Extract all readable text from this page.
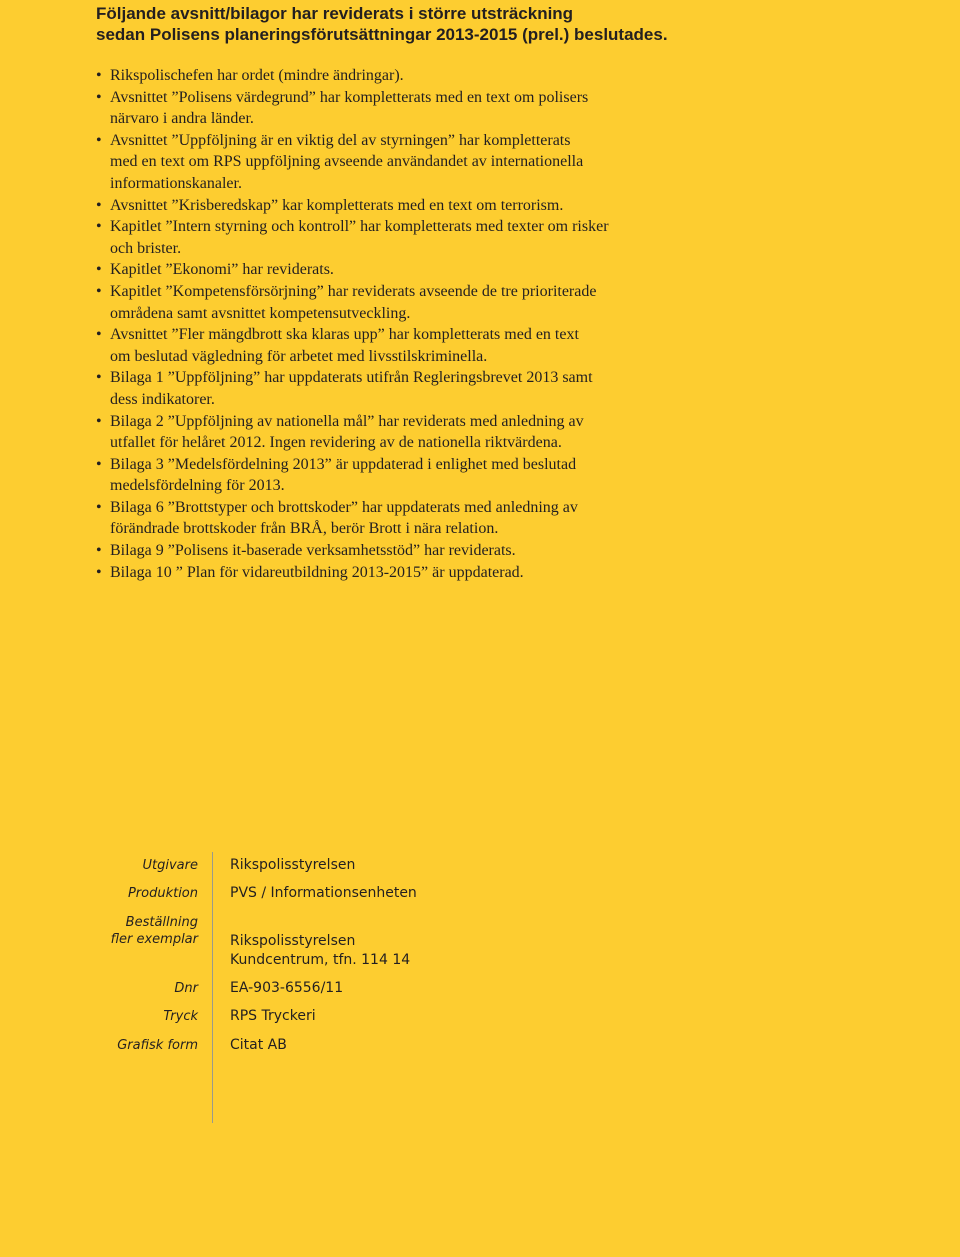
Följande avsnitt/bilagor har reviderats i större utsträckning
sedan Polisens planeringsförutsättningar 2013-2015 (prel.) beslutades.
• Rikspolischefen har ordet (mindre ändringar).
• Avsnittet ”Polisens värdegrund” har kompletterats med en text om polisers
närvaro i andra länder.
• Avsnittet ”Uppföljning är en viktig del av styrningen” har kompletterats
med en text om RPS uppföljning avseende användandet av internationella
informationskanaler.
• Avsnittet ”Krisberedskap” kar kompletterats med en text om terrorism.
• Kapitlet ”Intern styrning och kontroll” har kompletterats med texter om risker
och brister.
• Kapitlet ”Ekonomi” har reviderats.
• Kapitlet ”Kompetensförsörjning” har reviderats avseende de tre prioriterade
områdena samt avsnittet kompetensutveckling.
• Avsnittet ”Fler mängdbrott ska klaras upp” har kompletterats med en text
om beslutad vägledning för arbetet med livsstilskriminella.
• Bilaga 1 ”Uppföljning” har uppdaterats utifrån Regleringsbrevet 2013 samt
dess indikatorer.
• Bilaga 2 ”Uppföljning av nationella mål” har reviderats med anledning av
utfallet för helåret 2012. Ingen revidering av de nationella riktvärdena.
• Bilaga 3 ”Medelsfördelning 2013” är uppdaterad i enlighet med beslutad
medelsfördelning för 2013.
• Bilaga 6 ”Brottstyper och brottskoder” har uppdaterats med anledning av
förändrade brottskoder från BRÅ, berör Brott i nära relation.
• Bilaga 9 ”Polisens it-baserade verksamhetsstöd” har reviderats.
• Bilaga 10 ” Plan för vidareutbildning 2013-2015” är uppdaterad.
Utgivare Rikspolisstyrelsen
Produktion PVS / Informationsenheten
Beställning
fler exemplar Rikspolisstyrelsen
Kundcentrum, tfn. 114 14
Dnr EA-903-6556/11
Tryck RPS Tryckeri
Grafisk form Citat AB
